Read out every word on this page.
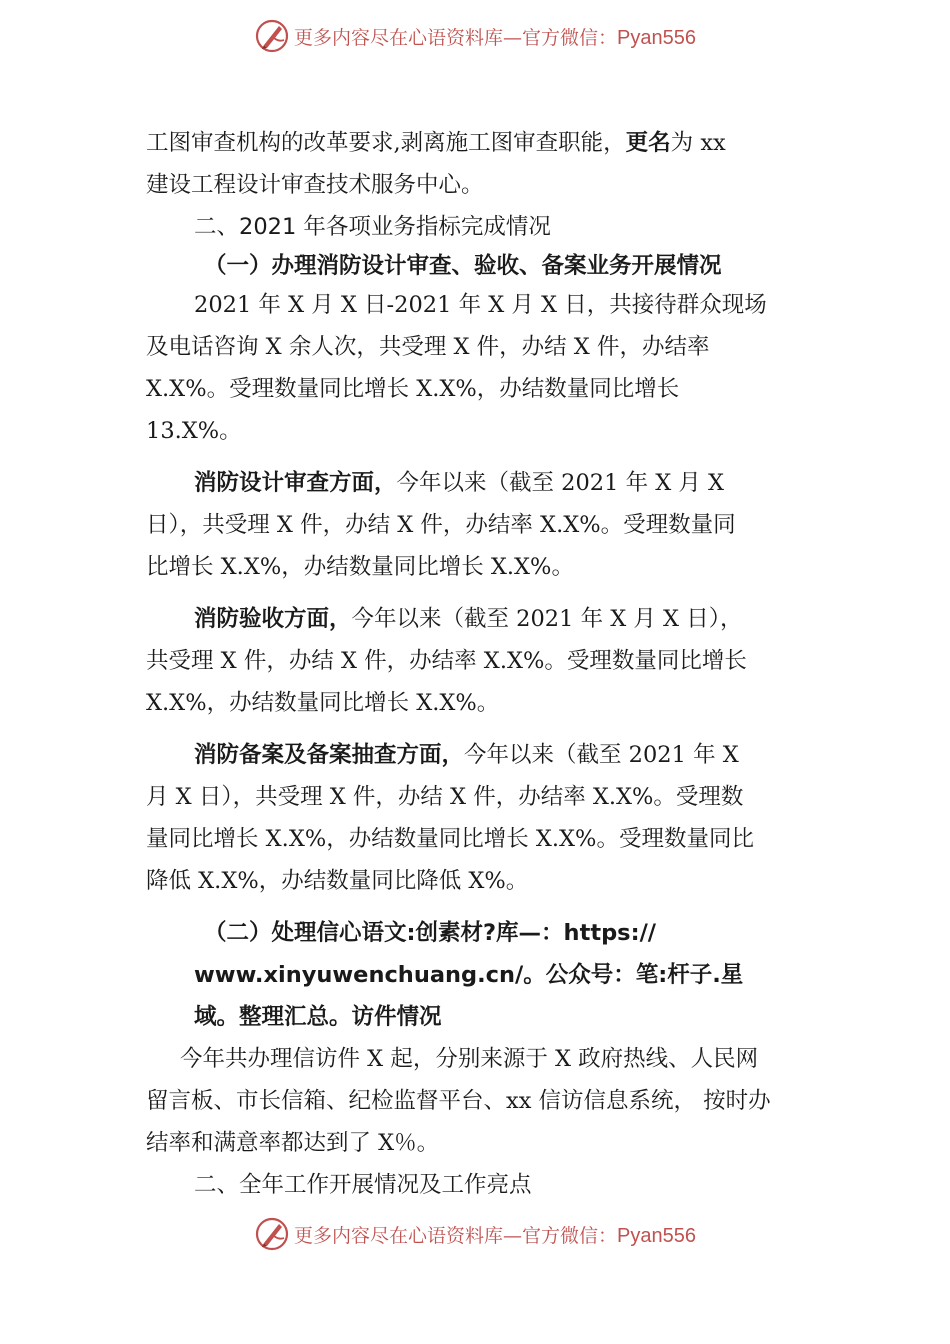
更多内容尽在心语资料库—官方微信：Pyan556
工图审查机构的改革要求,剥离施工图审查职能，更名为 xx
建设工程设计审查技术服务中心。
二、2021 年各项业务指标完成情况
（一）办理消防设计审查、验收、备案业务开展情况
2021 年 X 月 X 日-2021 年 X 月 X 日，共接待群众现场
及电话咨询 X 余人次，共受理 X 件，办结 X 件，办结率
X.X%。受理数量同比增长 X.X%，办结数量同比增长
13.X%。
消防设计审查方面，今年以来（截至 2021 年 X 月 X
日），共受理 X 件，办结 X 件，办结率 X.X%。受理数量同
比增长 X.X%，办结数量同比增长 X.X%。
消防验收方面，今年以来（截至 2021 年 X 月 X 日），
共受理 X 件，办结 X 件，办结率 X.X%。受理数量同比增长
X.X%，办结数量同比增长 X.X%。
消防备案及备案抽查方面，今年以来（截至 2021 年 X
月 X 日），共受理 X 件，办结 X 件，办结率 X.X%。受理数
量同比增长 X.X%，办结数量同比增长 X.X%。受理数量同比
降低 X.X%，办结数量同比降低 X%。
（二）处理信心语文:创素材?库—：https://
www.xinyuwenchuang.cn/。公众号：笔:杆子.星
域。整理汇总。访件情况
今年共办理信访件 X 起，分别来源于 X 政府热线、人民网
留言板、市长信箱、纪检监督平台、xx 信访信息系统， 按时办
结率和满意率都达到了 X％。
二、全年工作开展情况及工作亮点
更多内容尽在心语资料库—官方微信：Pyan556
